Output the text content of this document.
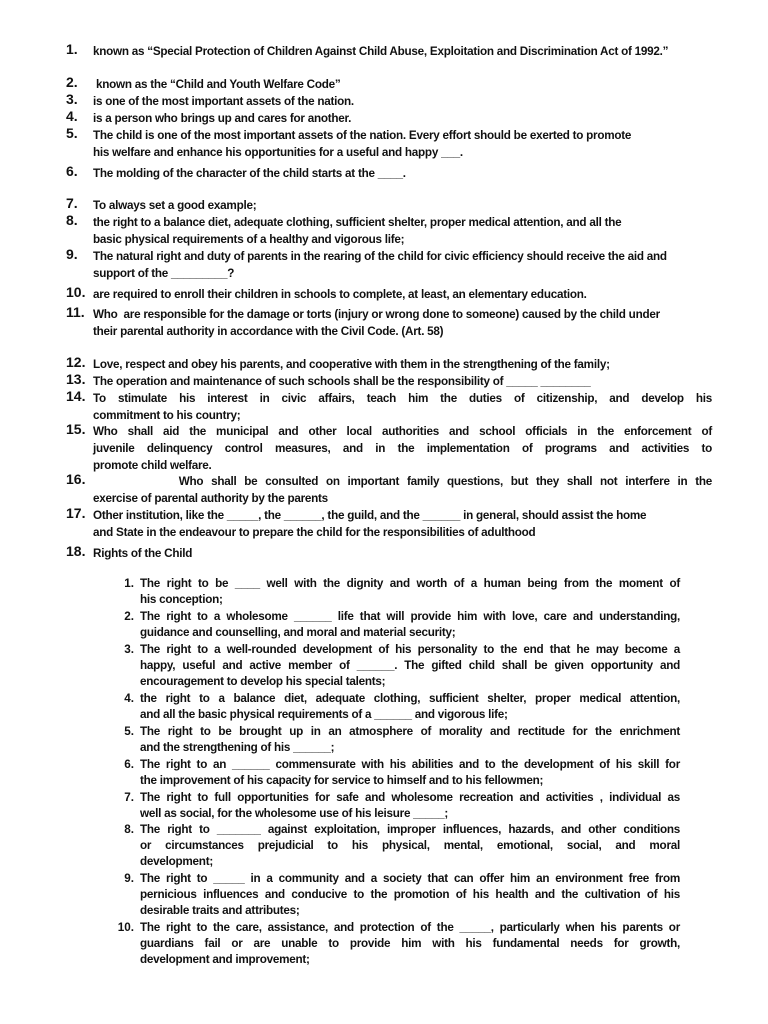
1.	known as “Special Protection of Children Against Child Abuse, Exploitation and Discrimination Act of 1992.”
2.	known as the “Child and Youth Welfare Code”
3.	is one of the most important assets of the nation.
4.	is a person who brings up and cares for another.
5.	The child is one of the most important assets of the nation. Every effort should be exerted to promote
his welfare and enhance his opportunities for a useful and happy ___.
6.	The molding of the character of the child starts at the ____.
7.	To always set a good example;
8.	the right to a balance diet, adequate clothing, sufficient shelter, proper medical attention, and all the
basic physical requirements of a healthy and vigorous life;
9.	The natural right and duty of parents in the rearing of the child for civic efficiency should receive the aid and
support of the _________?
10. are required to enroll their children in schools to complete, at least, an elementary education.
11. Who  are responsible for the damage or torts (injury or wrong done to someone) caused by the child under
their parental authority in accordance with the Civil Code. (Art. 58)
12. Love, respect and obey his parents, and cooperative with them in the strengthening of the family;
13. The operation and maintenance of such schools shall be the responsibility of _____ ________
14. To stimulate his interest in civic affairs, teach him the duties of citizenship, and develop his
commitment to his country;
15. Who shall aid the municipal and other local authorities and school officials in the enforcement of
juvenile delinquency control measures, and in the implementation of programs and activities to
promote child welfare.
16. Who shall be consulted on important family questions, but they shall not interfere in the
exercise of parental authority by the parents
17. Other institution, like the _____, the ______, the guild, and the ______ in general, should assist the home
and State in the endeavour to prepare the child for the responsibilities of adulthood
18. Rights of the Child
1. The right to be ____ well with the dignity and worth of a human being from the moment of
his conception;
2. The right to a wholesome ______ life that will provide him with love, care and understanding,
guidance and counselling, and moral and material security;
3. The right to a well-rounded development of his personality to the end that he may become a
happy, useful and active member of ______. The gifted child shall be given opportunity and
encouragement to develop his special talents;
4. the right to a balance diet, adequate clothing, sufficient shelter, proper medical attention,
and all the basic physical requirements of a ______ and vigorous life;
5. The right to be brought up in an atmosphere of morality and rectitude for the enrichment
and the strengthening of his ______;
6. The right to an ______ commensurate with his abilities and to the development of his skill for
the improvement of his capacity for service to himself and to his fellowmen;
7. The right to full opportunities for safe and wholesome recreation and activities , individual as
well as social, for the wholesome use of his leisure _____;
8. The right to _______ against exploitation, improper influences, hazards, and other conditions
or circumstances prejudicial to his physical, mental, emotional, social, and moral
development;
9. The right to _____ in a community and a society that can offer him an environment free from
pernicious influences and conducive to the promotion of his health and the cultivation of his
desirable traits and attributes;
10. The right to the care, assistance, and protection of the _____, particularly when his parents or
guardians fail or are unable to provide him with his fundamental needs for growth,
development and improvement;
